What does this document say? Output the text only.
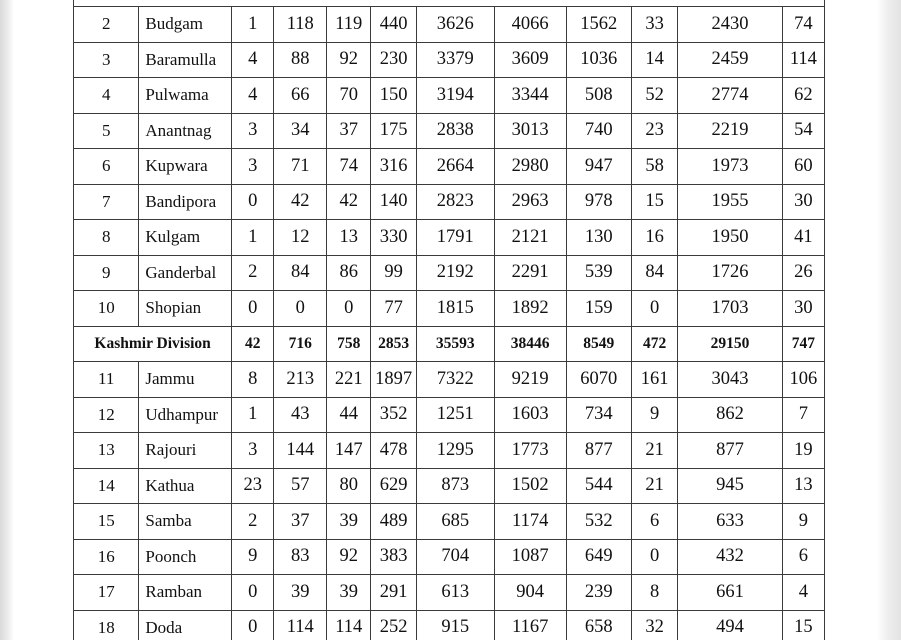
2	Budgam	1	118	119	440	3626	4066	1562	33	2430	74
3	Baramulla	4	88	92	230	3379	3609	1036	14	2459	114
4	Pulwama	4	66	70	150	3194	3344	508	52	2774	62
5	Anantnag	3	34	37	175	2838	3013	740	23	2219	54
6	Kupwara	3	71	74	316	2664	2980	947	58	1973	60
7	Bandipora	0	42	42	140	2823	2963	978	15	1955	30
8	Kulgam	1	12	13	330	1791	2121	130	16	1950	41
9	Ganderbal	2	84	86	99	2192	2291	539	84	1726	26
10	Shopian	0	0	0	77	1815	1892	159	0	1703	30
Kashmir Division		42	716	758	2853	35593	38446	8549	472	29150	747
11	Jammu	8	213	221	1897	7322	9219	6070	161	3043	106
12	Udhampur	1	43	44	352	1251	1603	734	9	862	7
13	Rajouri	3	144	147	478	1295	1773	877	21	877	19
14	Kathua	23	57	80	629	873	1502	544	21	945	13
15	Samba	2	37	39	489	685	1174	532	6	633	9
16	Poonch	9	83	92	383	704	1087	649	0	432	6
17	Ramban	0	39	39	291	613	904	239	8	661	4
18	Doda	0	114	114	252	915	1167	658	32	494	15
